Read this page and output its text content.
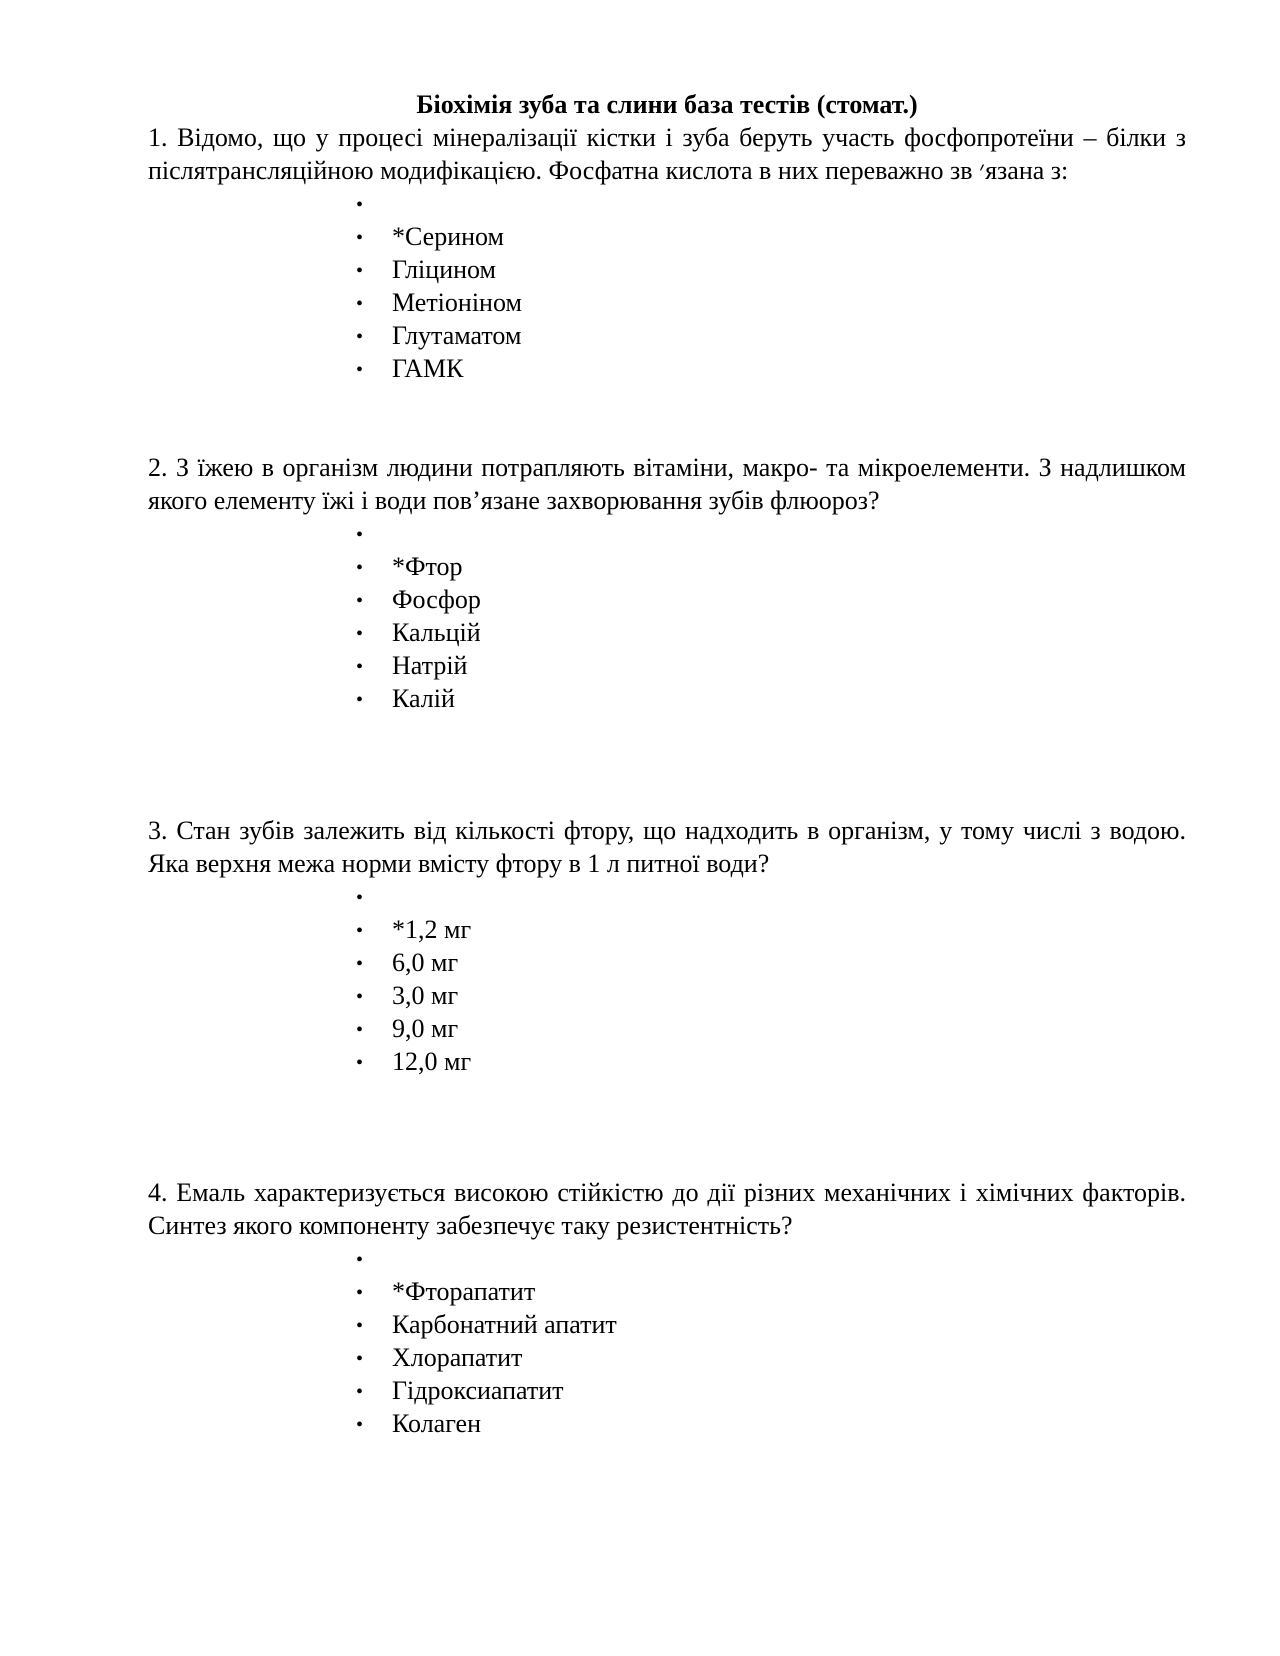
Біохімія зуба та слини база тестів (стомат.)

1. Відомо, що у процесі мінералізації кістки і зуба беруть участь фосфопротеїни – білки з післятрансляційною модифікацією. Фосфатна кислота в них переважно зв ׳язана з:

•
•	*Серином
•	Гліцином
•	Метіоніном
•	Глутаматом
•	ГАМК

2. З їжею в організм людини потрапляють вітаміни, макро- та мікроелементи. З надлишком якого елементу їжі і води пов’язане захворювання зубів флюороз?

•
•	*Фтор
•	Фосфор
•	Кальцій
•	Натрій
•	Калій

3. Стан зубів залежить від кількості фтору, що надходить в організм, у тому числі з водою. Яка верхня межа норми вмісту фтору в 1 л питної води?

•
•	*1,2 мг
•	6,0 мг
•	3,0 мг
•	9,0 мг
•	12,0 мг

4. Емаль характеризується високою стійкістю до дії різних механічних і хімічних факторів. Синтез якого компоненту забезпечує таку резистентність?

•
•	*Фторапатит
•	Карбонатний апатит
•	Хлорапатит
•	Гідроксиапатит
•	Колаген
